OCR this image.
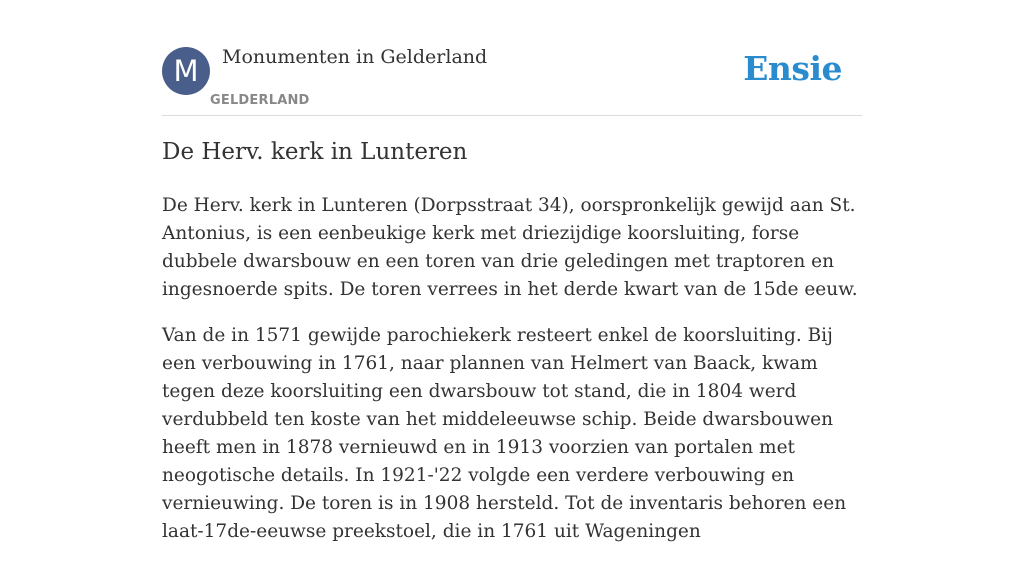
M	Monumenten in Gelderland
GELDERLAND
Ensie
De Herv. kerk in Lunteren

De Herv. kerk in Lunteren (Dorpsstraat 34), oorspronkelijk gewijd aan St. Antonius, is een eenbeukige kerk met driezijdige koorsluiting, forse dubbele dwarsbouw en een toren van drie geledingen met traptoren en ingesnoerde spits. De toren verrees in het derde kwart van de 15de eeuw.

Van de in 1571 gewijde parochiekerk resteert enkel de koorsluiting. Bij een verbouwing in 1761, naar plannen van Helmert van Baack, kwam tegen deze koorsluiting een dwarsbouw tot stand, die in 1804 werd verdubbeld ten koste van het middeleeuwse schip. Beide dwarsbouwen heeft men in 1878 vernieuwd en in 1913 voorzien van portalen met neogotische details. In 1921-'22 volgde een verdere verbouwing en vernieuwing. De toren is in 1908 hersteld. Tot de inventaris behoren een laat-17de-eeuwse preekstoel, die in 1761 uit Wageningen
